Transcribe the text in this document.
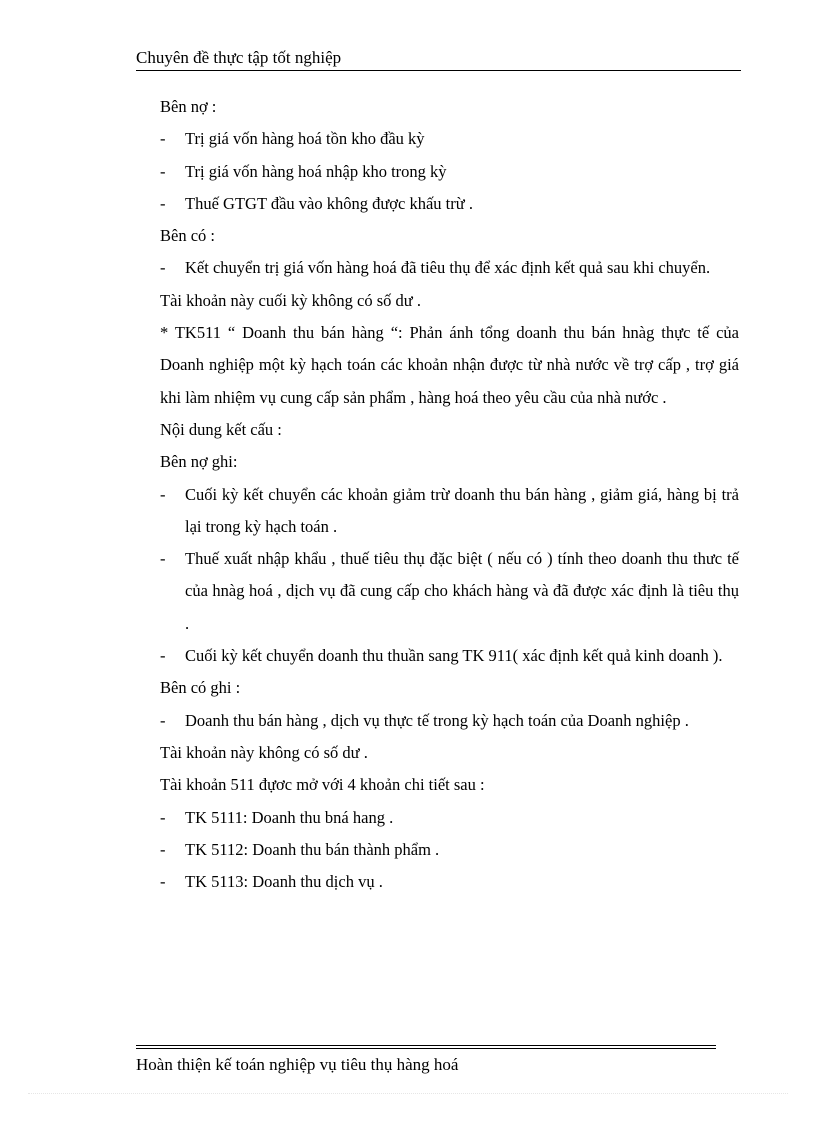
Chuyên đề thực tập tốt nghiệp
Bên nợ :
- Trị giá vốn hàng hoá tồn kho đầu kỳ
- Trị giá vốn hàng hoá nhập kho trong kỳ
- Thuế GTGT đầu vào không được khấu trừ .
Bên có :
- Kết chuyển trị giá vốn hàng hoá đã tiêu thụ để xác định kết quả sau khi chuyển.
Tài khoản này cuối kỳ không có số dư .
* TK511 “ Doanh thu bán hàng “: Phản ánh tổng doanh thu bán hnàg thực tế của Doanh nghiệp một kỳ hạch toán các khoản nhận được từ nhà nước về trợ cấp , trợ giá khi làm nhiệm vụ cung cấp sản phẩm , hàng hoá theo yêu cầu của nhà nước .
Nội dung kết cấu :
Bên nợ ghi:
- Cuối kỳ kết chuyển các khoản giảm trừ doanh thu bán hàng , giảm giá, hàng bị trả lại trong kỳ hạch toán .
- Thuế xuất nhập khẩu , thuế tiêu thụ đặc biệt ( nếu có ) tính theo doanh thu thưc tế của hnàg hoá , dịch vụ đã cung cấp cho khách hàng và đã được xác định là tiêu thụ .
- Cuối kỳ kết chuyển doanh thu thuần sang TK 911( xác định kết quả kinh doanh ).
Bên có ghi :
- Doanh thu bán hàng , dịch vụ thực tế trong kỳ hạch toán của Doanh nghiệp .
Tài khoản này không có số dư .
Tài khoản 511 đựơc mở với 4 khoản chi tiết sau :
- TK 5111: Doanh thu bná hang .
- TK 5112: Doanh thu bán thành phẩm .
- TK 5113: Doanh thu dịch vụ .
Hoàn thiện kế toán nghiệp vụ tiêu thụ hàng hoá
